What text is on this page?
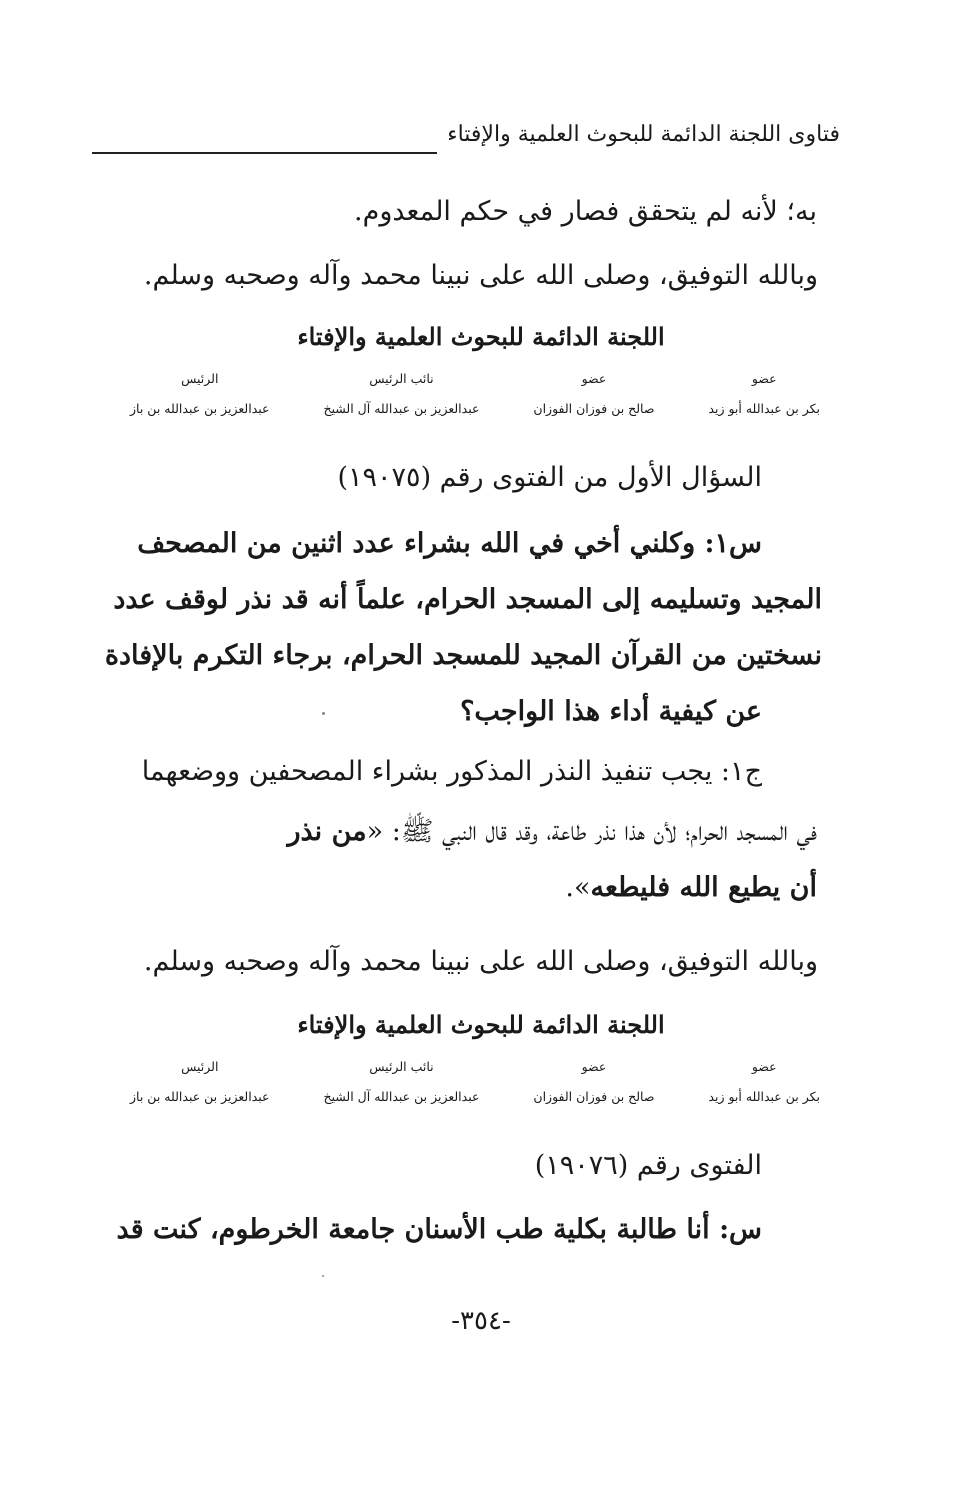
فتاوى اللجنة الدائمة للبحوث العلمية والإفتاء
به؛ لأنه لم يتحقق فصار في حكم المعدوم.
وبالله التوفيق، وصلى الله على نبينا محمد وآله وصحبه وسلم.
اللجنة الدائمة للبحوث العلمية والإفتاء
عضو
بكر بن عبدالله أبو زيد
عضو
صالح بن فوزان الفوزان
نائب الرئيس
عبدالعزيز بن عبدالله آل الشيخ
الرئيس
عبدالعزيز بن عبدالله بن باز
السؤال الأول من الفتوى رقم (١٩٠٧٥)
س١: وكلني أخي في الله بشراء عدد اثنين من المصحف
المجيد وتسليمه إلى المسجد الحرام، علماً أنه قد نذر لوقف عدد
نسختين من القرآن المجيد للمسجد الحرام، برجاء التكرم بالإفادة
عن كيفية أداء هذا الواجب؟
ج١: يجب تنفيذ النذر المذكور بشراء المصحفين ووضعهما
في المسجد الحرام؛ لأن هذا نذر طاعة، وقد قال النبي ﷺ: «من نذر
أن يطيع الله فليطعه».
وبالله التوفيق، وصلى الله على نبينا محمد وآله وصحبه وسلم.
اللجنة الدائمة للبحوث العلمية والإفتاء
عضو
بكر بن عبدالله أبو زيد
عضو
صالح بن فوزان الفوزان
نائب الرئيس
عبدالعزيز بن عبدالله آل الشيخ
الرئيس
عبدالعزيز بن عبدالله بن باز
الفتوى رقم (١٩٠٧٦)
س: أنا طالبة بكلية طب الأسنان جامعة الخرطوم، كنت قد
-٣٥٤-
